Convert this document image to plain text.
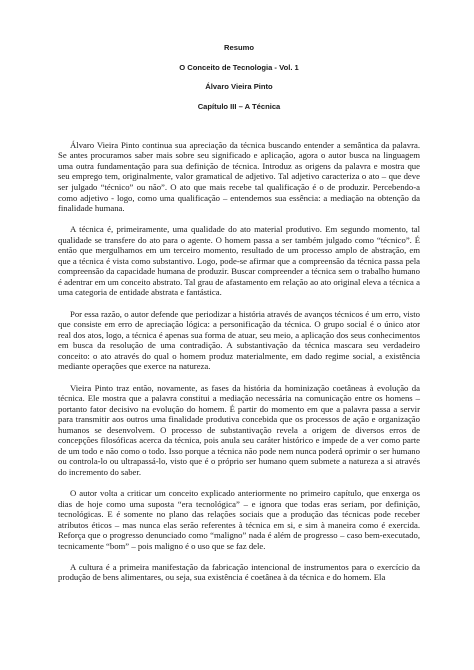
Resumo
O Conceito de Tecnologia - Vol. 1
Álvaro Vieira Pinto
Capítulo III – A Técnica

Álvaro Vieira Pinto continua sua apreciação da técnica buscando entender a semântica da palavra. Se antes procuramos saber mais sobre seu significado e aplicação, agora o autor busca na linguagem uma outra fundamentação para sua definição de técnica. Introduz as origens da palavra e mostra que seu emprego tem, originalmente, valor gramatical de adjetivo. Tal adjetivo caracteriza o ato – que deve ser julgado “técnico” ou não”. O ato que mais recebe tal qualificação é o de produzir. Percebendo-a como adjetivo - logo, como uma qualificação – entendemos sua essência: a mediação na obtenção da finalidade humana.

A técnica é, primeiramente, uma qualidade do ato material produtivo. Em segundo momento, tal qualidade se transfere do ato para o agente. O homem passa a ser também julgado como “técnico”. É então que mergulhamos em um terceiro momento, resultado de um processo amplo de abstração, em que a técnica é vista como substantivo. Logo, pode-se afirmar que a compreensão da técnica passa pela compreensão da capacidade humana de produzir. Buscar compreender a técnica sem o trabalho humano é adentrar em um conceito abstrato. Tal grau de afastamento em relação ao ato original eleva a técnica a uma categoria de entidade abstrata e fantástica.

Por essa razão, o autor defende que periodizar a história através de avanços técnicos é um erro, visto que consiste em erro de apreciação lógica: a personificação da técnica. O grupo social é o único ator real dos atos, logo, a técnica é apenas sua forma de atuar, seu meio, a aplicação dos seus conhecimentos em busca da resolução de uma contradição. A substantivação da técnica mascara seu verdadeiro conceito: o ato através do qual o homem produz materialmente, em dado regime social, a existência mediante operações que exerce na natureza.

Vieira Pinto traz então, novamente, as fases da história da hominização coetâneas à evolução da técnica. Ele mostra que a palavra constitui a mediação necessária na comunicação entre os homens – portanto fator decisivo na evolução do homem. É partir do momento em que a palavra passa a servir para transmitir aos outros uma finalidade produtiva concebida que os processos de ação e organização humanos se desenvolvem. O processo de substantivação revela a origem de diversos erros de concepções filosóficas acerca da técnica, pois anula seu caráter histórico e impede de a ver como parte de um todo e não como o todo. Isso porque a técnica não pode nem nunca poderá oprimir o ser humano ou controla-lo ou ultrapassá-lo, visto que é o próprio ser humano quem submete a natureza a si através do incremento do saber.

O autor volta a criticar um conceito explicado anteriormente no primeiro capítulo, que enxerga os dias de hoje como uma suposta “era tecnológica” – e ignora que todas eras seriam, por definição, tecnológicas. E é somente no plano das relações sociais que a produção das técnicas pode receber atributos éticos – mas nunca elas serão referentes à técnica em si, e sim à maneira como é exercida. Reforça que o progresso denunciado como “maligno” nada é além de progresso – caso bem-executado, tecnicamente “bom” – pois maligno é o uso que se faz dele.

A cultura é a primeira manifestação da fabricação intencional de instrumentos para o exercício da produção de bens alimentares, ou seja, sua existência é coetânea à da técnica e do homem. Ela
